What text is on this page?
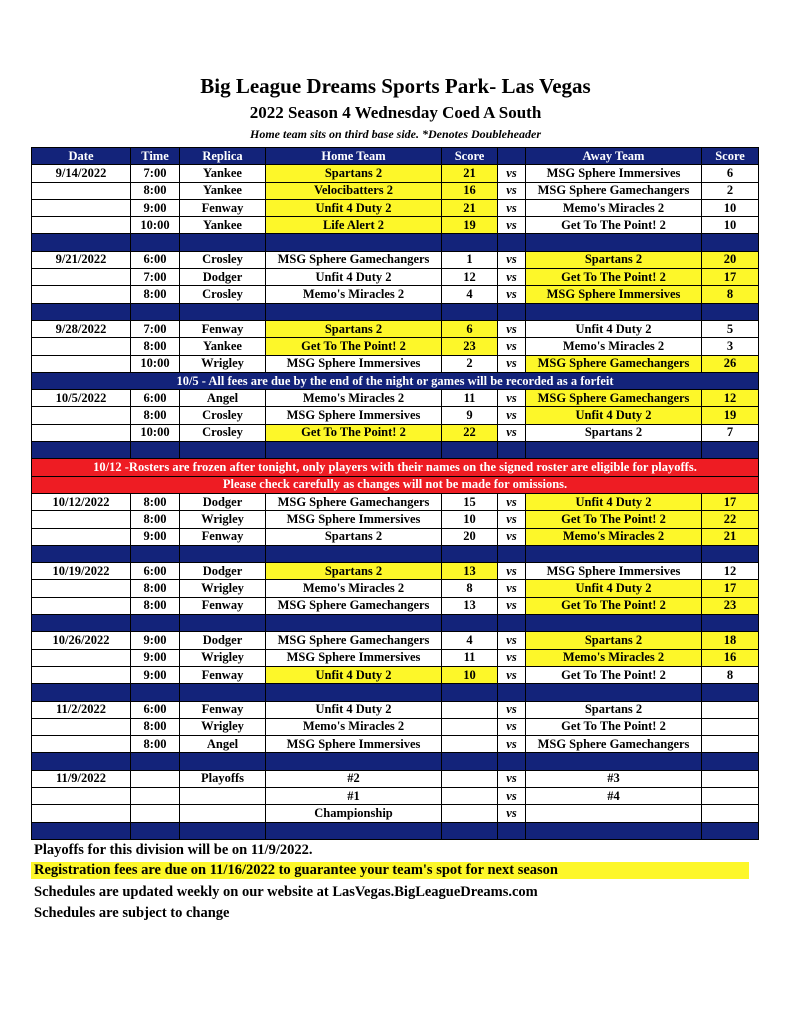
Big League Dreams Sports Park- Las Vegas
2022 Season 4 Wednesday Coed A South
Home team sits on third base side. *Denotes Doubleheader
Date	Time	Replica	Home Team	Score		Away Team	Score
9/14/2022	7:00	Yankee	Spartans 2	21	vs	MSG Sphere Immersives	6
	8:00	Yankee	Velocibatters 2	16	vs	MSG Sphere Gamechangers	2
	9:00	Fenway	Unfit 4 Duty 2	21	vs	Memo's Miracles 2	10
	10:00	Yankee	Life Alert 2	19	vs	Get To The Point! 2	10

9/21/2022	6:00	Crosley	MSG Sphere Gamechangers	1	vs	Spartans 2	20
	7:00	Dodger	Unfit 4 Duty 2	12	vs	Get To The Point! 2	17
	8:00	Crosley	Memo's Miracles 2	4	vs	MSG Sphere Immersives	8

9/28/2022	7:00	Fenway	Spartans 2	6	vs	Unfit 4 Duty 2	5
	8:00	Yankee	Get To The Point! 2	23	vs	Memo's Miracles 2	3
	10:00	Wrigley	MSG Sphere Immersives	2	vs	MSG Sphere Gamechangers	26
10/5 - All fees are due by the end of the night or games will be recorded as a forfeit							
10/5/2022	6:00	Angel	Memo's Miracles 2	11	vs	MSG Sphere Gamechangers	12
	8:00	Crosley	MSG Sphere Immersives	9	vs	Unfit 4 Duty 2	19
	10:00	Crosley	Get To The Point! 2	22	vs	Spartans 2	7

10/12 -Rosters are frozen after tonight, only players with their names on the signed roster are eligible for playoffs.							
Please check carefully as changes will not be made for omissions.							
10/12/2022	8:00	Dodger	MSG Sphere Gamechangers	15	vs	Unfit 4 Duty 2	17
	8:00	Wrigley	MSG Sphere Immersives	10	vs	Get To The Point! 2	22
	9:00	Fenway	Spartans 2	20	vs	Memo's Miracles 2	21

10/19/2022	6:00	Dodger	Spartans 2	13	vs	MSG Sphere Immersives	12
	8:00	Wrigley	Memo's Miracles 2	8	vs	Unfit 4 Duty 2	17
	8:00	Fenway	MSG Sphere Gamechangers	13	vs	Get To The Point! 2	23

10/26/2022	9:00	Dodger	MSG Sphere Gamechangers	4	vs	Spartans 2	18
	9:00	Wrigley	MSG Sphere Immersives	11	vs	Memo's Miracles 2	16
	9:00	Fenway	Unfit 4 Duty 2	10	vs	Get To The Point! 2	8

11/2/2022	6:00	Fenway	Unfit 4 Duty 2		vs	Spartans 2	
	8:00	Wrigley	Memo's Miracles 2		vs	Get To The Point! 2	
	8:00	Angel	MSG Sphere Immersives		vs	MSG Sphere Gamechangers	

11/9/2022		Playoffs	#2		vs	#3	
			#1		vs	#4	
			Championship		vs		

Playoffs for this division will be on 11/9/2022.
Registration fees are due on 11/16/2022 to guarantee your team's spot for next season
Schedules are updated weekly on our website at LasVegas.BigLeagueDreams.com
Schedules are subject to change
